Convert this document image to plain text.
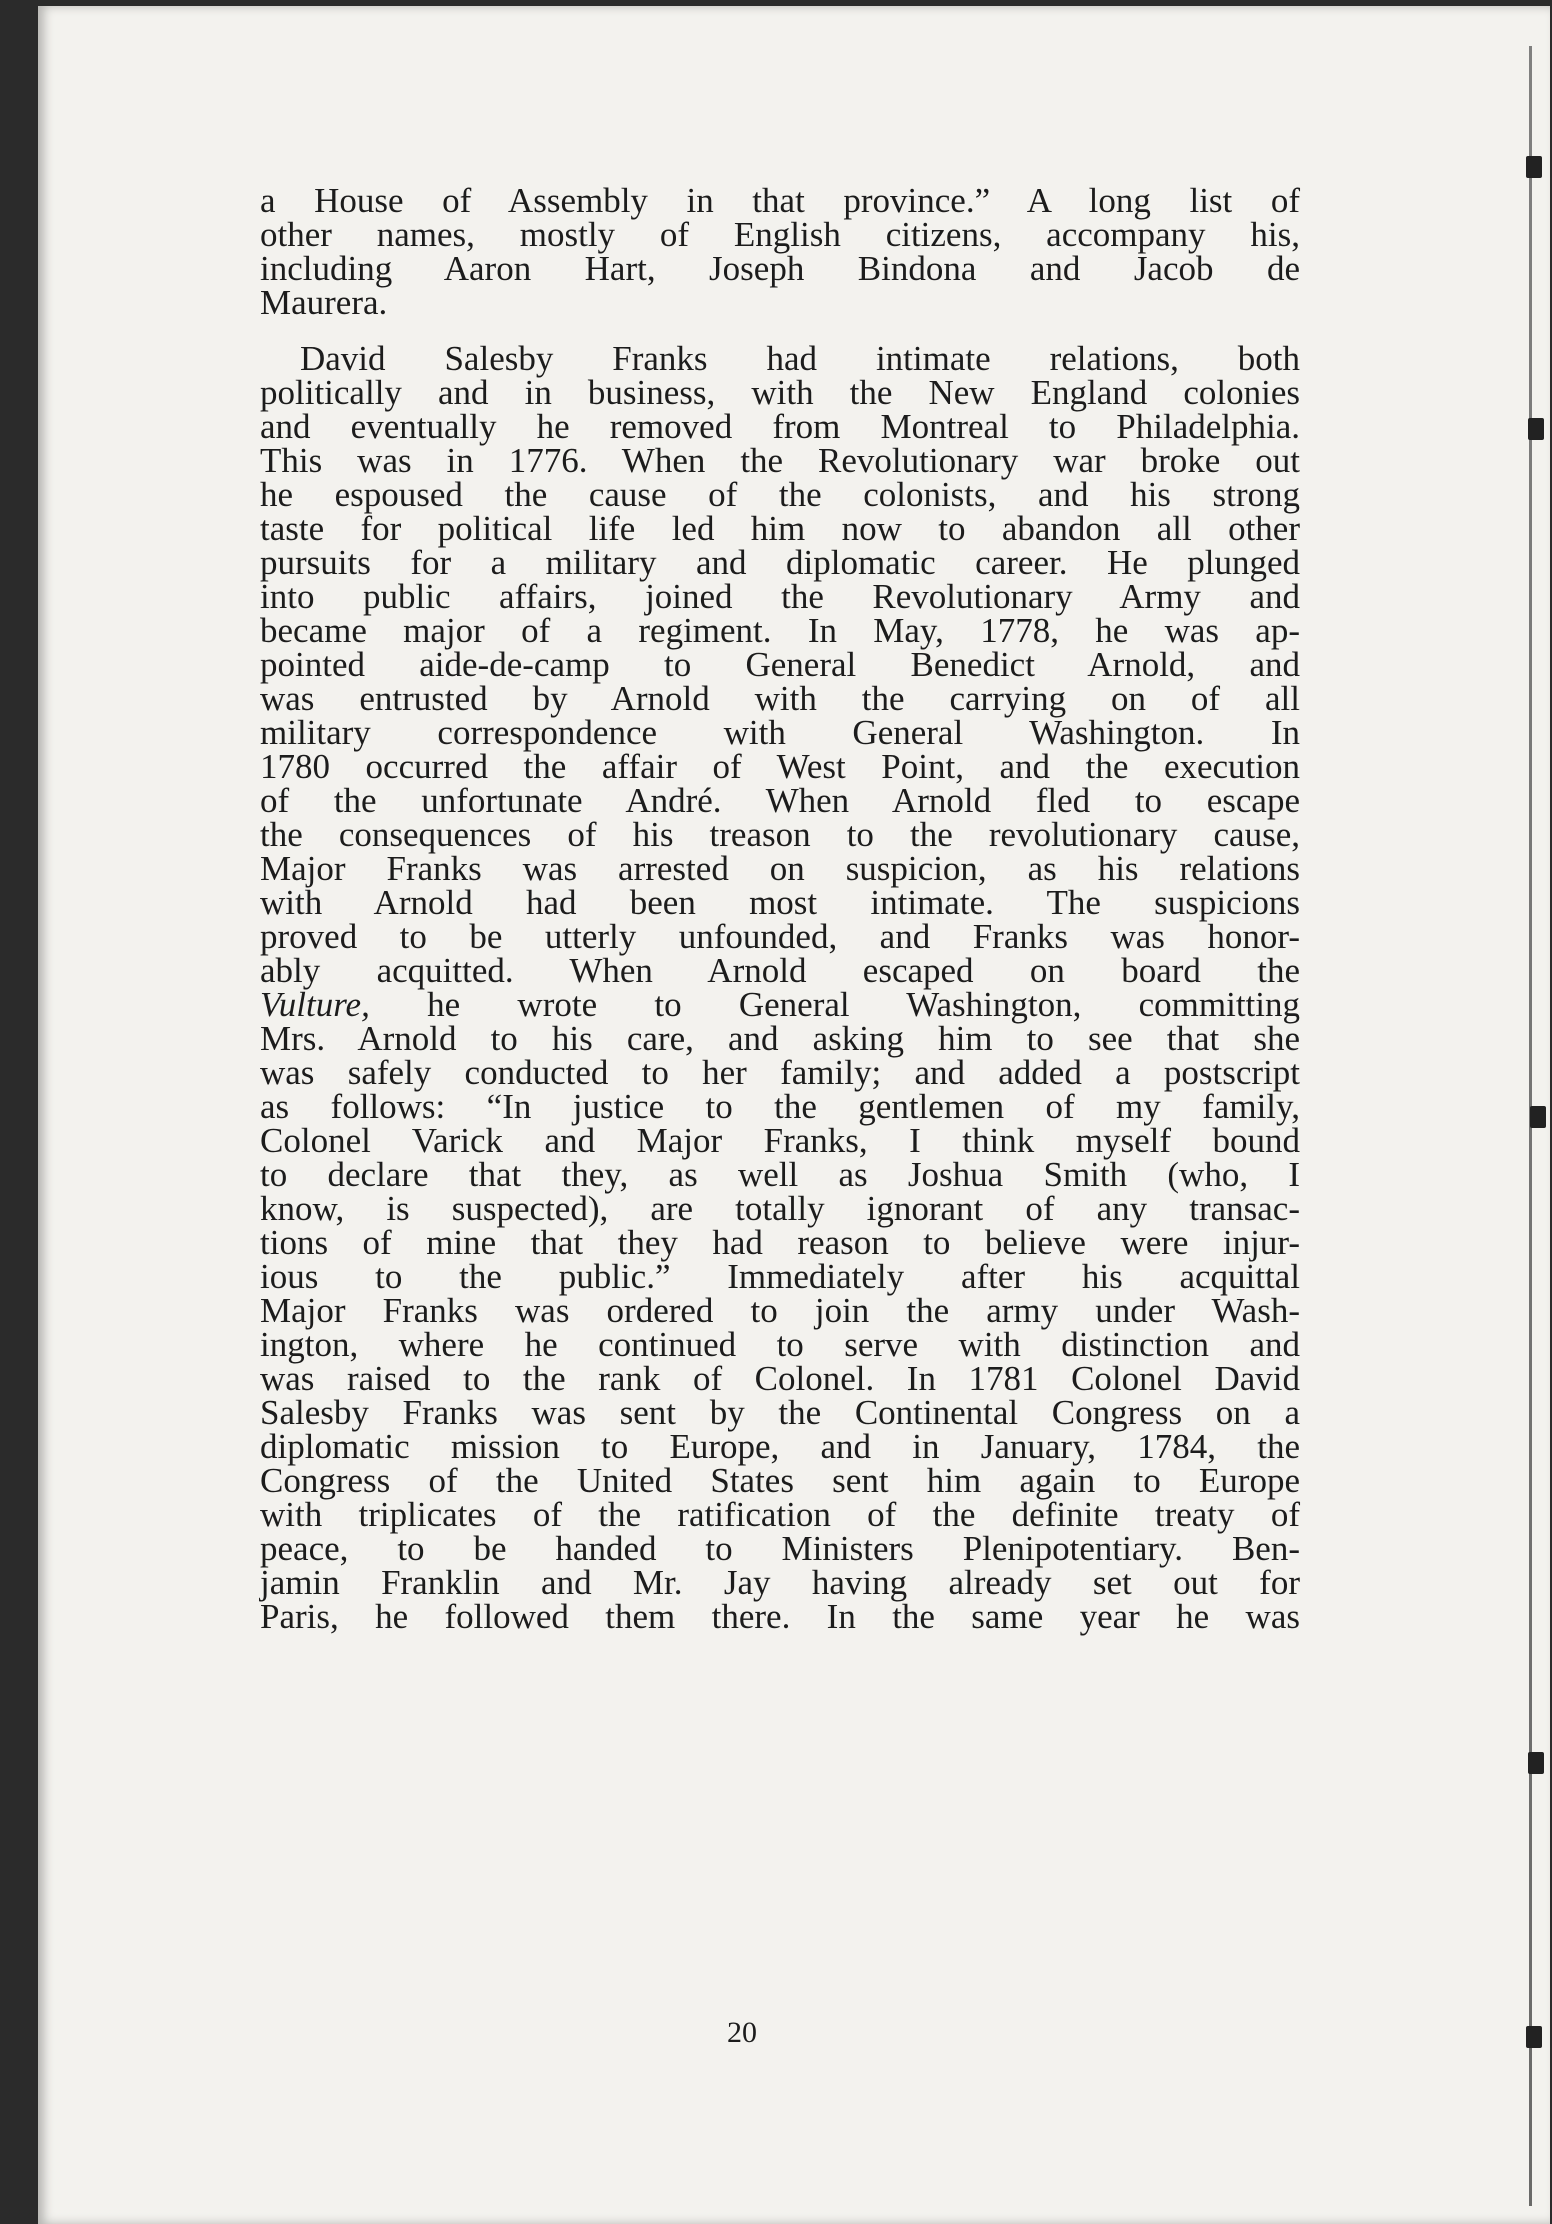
a House of Assembly in that province.” A long list of
other names, mostly of English citizens, accompany his,
including Aaron Hart, Joseph Bindona and Jacob de
Maurera.
David Salesby Franks had intimate relations, both
politically and in business, with the New England colonies
and eventually he removed from Montreal to Philadelphia.
This was in 1776. When the Revolutionary war broke out
he espoused the cause of the colonists, and his strong
taste for political life led him now to abandon all other
pursuits for a military and diplomatic career. He plunged
into public affairs, joined the Revolutionary Army and
became major of a regiment. In May, 1778, he was ap-
pointed aide-de-camp to General Benedict Arnold, and
was entrusted by Arnold with the carrying on of all
military correspondence with General Washington. In
1780 occurred the affair of West Point, and the execution
of the unfortunate André. When Arnold fled to escape
the consequences of his treason to the revolutionary cause,
Major Franks was arrested on suspicion, as his relations
with Arnold had been most intimate. The suspicions
proved to be utterly unfounded, and Franks was honor-
ably acquitted. When Arnold escaped on board the
Vulture, he wrote to General Washington, committing
Mrs. Arnold to his care, and asking him to see that she
was safely conducted to her family; and added a postscript
as follows: “In justice to the gentlemen of my family,
Colonel Varick and Major Franks, I think myself bound
to declare that they, as well as Joshua Smith (who, I
know, is suspected), are totally ignorant of any transac-
tions of mine that they had reason to believe were injur-
ious to the public.” Immediately after his acquittal
Major Franks was ordered to join the army under Wash-
ington, where he continued to serve with distinction and
was raised to the rank of Colonel. In 1781 Colonel David
Salesby Franks was sent by the Continental Congress on a
diplomatic mission to Europe, and in January, 1784, the
Congress of the United States sent him again to Europe
with triplicates of the ratification of the definite treaty of
peace, to be handed to Ministers Plenipotentiary. Ben-
jamin Franklin and Mr. Jay having already set out for
Paris, he followed them there. In the same year he was
20
